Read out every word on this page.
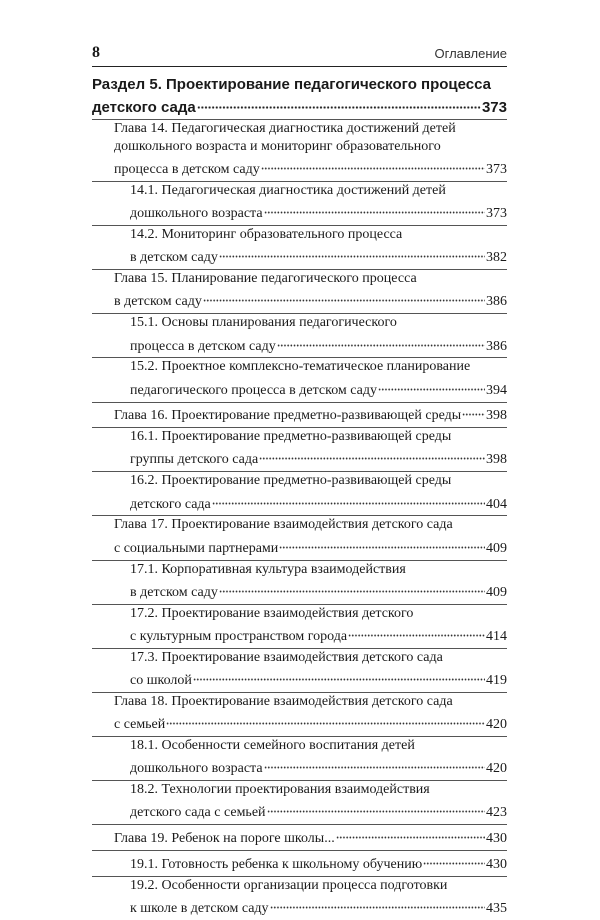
8	Оглавление
Раздел 5. Проектирование педагогического процесса
детского сада	373
Глава 14. Педагогическая диагностика достижений детей
дошкольного возраста и мониторинг образовательного
процесса в детском саду	373
14.1. Педагогическая диагностика достижений детей
дошкольного возраста	373
14.2. Мониторинг образовательного процесса
в детском саду	382
Глава 15. Планирование педагогического процесса
в детском саду	386
15.1. Основы планирования педагогического
процесса в детском саду	386
15.2. Проектное комплексно-тематическое планирование
педагогического процесса в детском саду	394
Глава 16. Проектирование предметно-развивающей среды 398
16.1. Проектирование предметно-развивающей среды
группы детского сада	398
16.2. Проектирование предметно-развивающей среды
детского сада	404
Глава 17. Проектирование взаимодействия детского сада
с социальными партнерами	409
17.1. Корпоративная культура взаимодействия
в детском саду	409
17.2. Проектирование взаимодействия детского
с культурным пространством города	414
17.3. Проектирование взаимодействия детского сада
со школой	419
Глава 18. Проектирование взаимодействия детского сада
с семьей	420
18.1. Особенности семейного воспитания детей
дошкольного возраста	420
18.2. Технологии проектирования взаимодействия
детского сада с семьей	423
Глава 19. Ребенок на пороге школы...	430
19.1. Готовность ребенка к школьному обучению	430
19.2. Особенности организации процесса подготовки
к школе в детском саду	435
